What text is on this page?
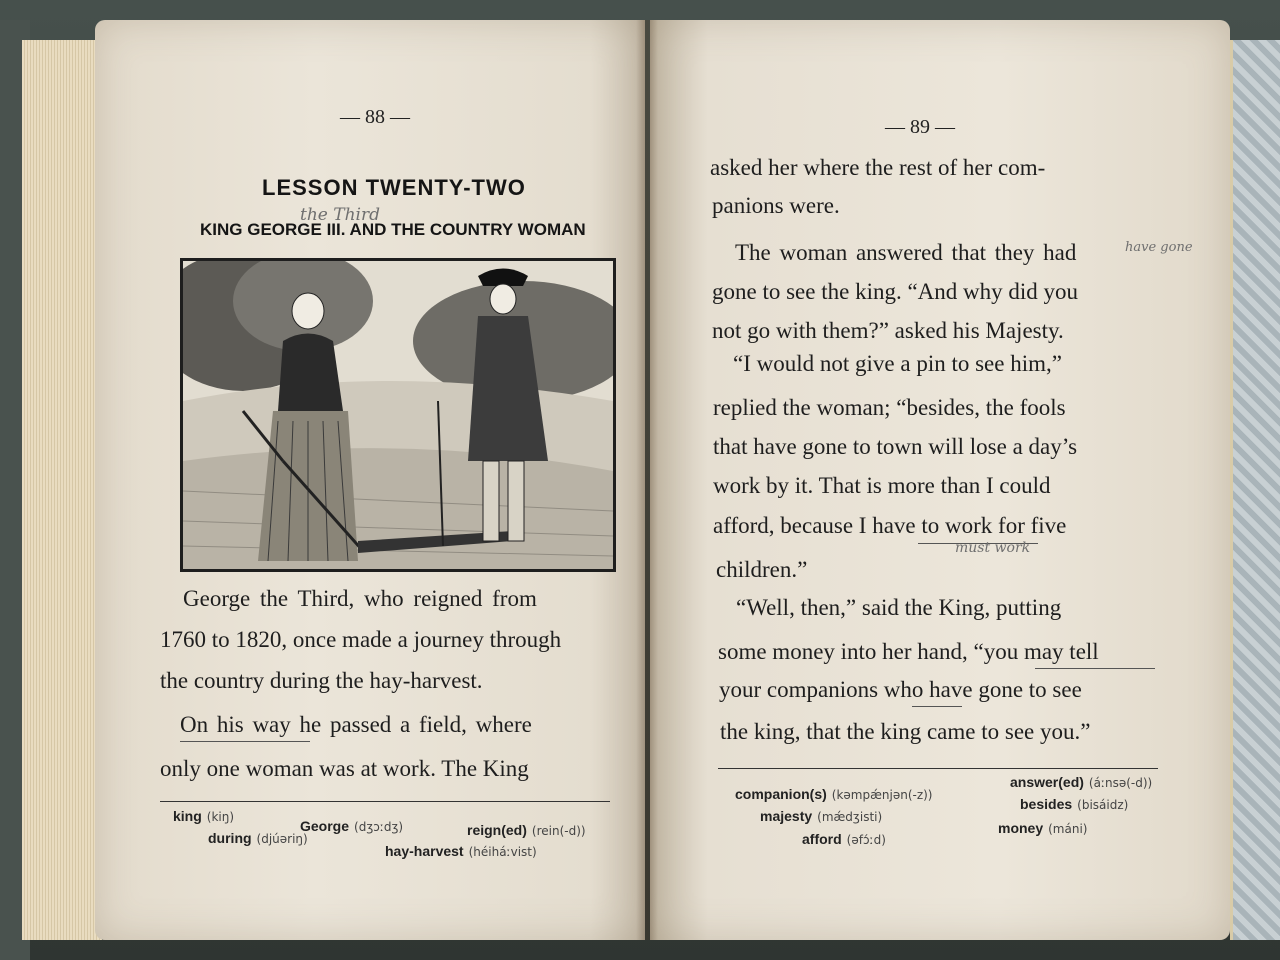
— 88 —
LESSON TWENTY-TWO
the Third
KING GEORGE III. AND THE COUNTRY WOMAN
George the Third, who reigned from
1760 to 1820, once made a journey through
the country during the hay-harvest.
On his way he passed a field, where
only one woman was at work. The King
king (kiŋ)
George (dʒɔːdʒ)	reign(ed) (rein(-d))
during (djúəriŋ)
hay-harvest (héiháːvist)
— 89 —
asked her where the rest of her com-
panions were.
The woman answered that they had	have gone
gone to see the king. “And why did you
not go with them?” asked his Majesty.
“I would not give a pin to see him,”
replied the woman; “besides, the fools
that have gone to town will lose a day’s
work by it. That is more than I could
afford, because I have to work for five
must work
children.”
“Well, then,” said the King, putting
some money into her hand, “you may tell
your companions who have gone to see
the king, that the king came to see you.”
companion(s) (kəmpǽnjən(-z))
answer(ed) (áːnsə(-d))
majesty (mǽdʒisti)
besides (bisáidz)
afford (əfɔ́ːd)
money (máni)
